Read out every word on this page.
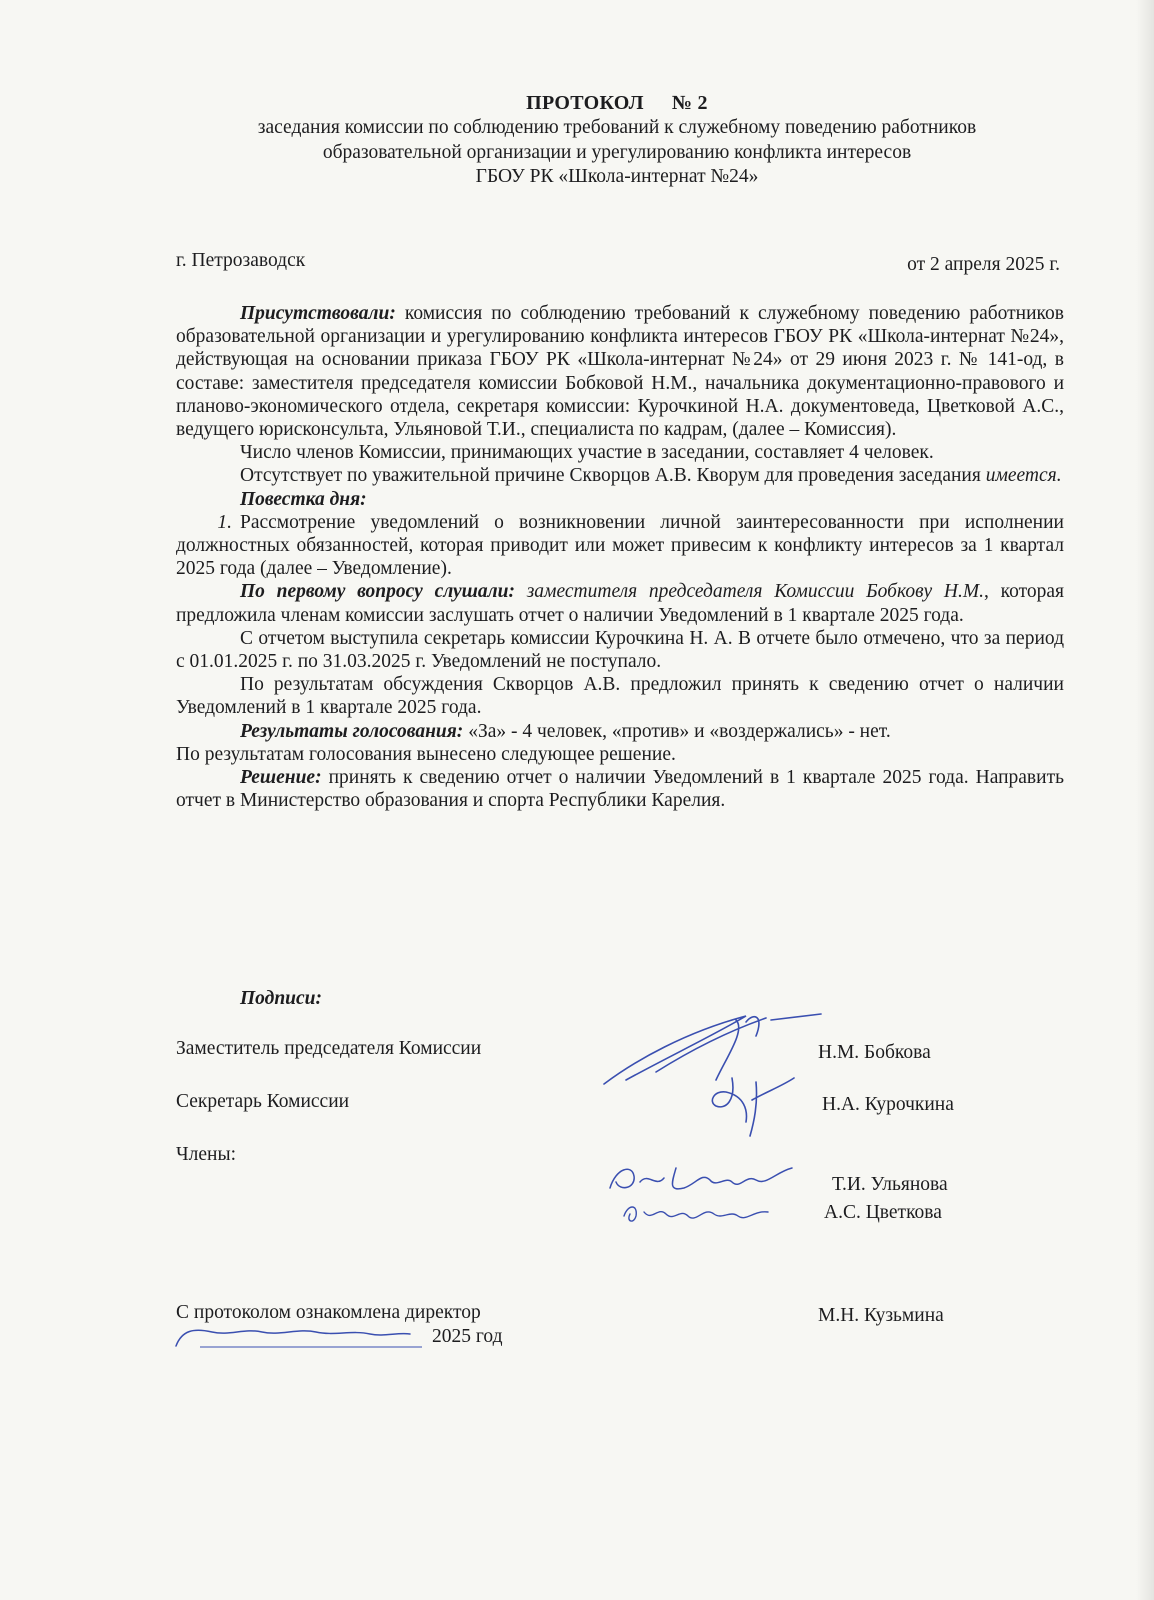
ПРОТОКОЛ № 2
заседания комиссии по соблюдению требований к служебному поведению работников
образовательной организации и урегулированию конфликта интересов
ГБОУ РК «Школа-интернат №24»
г. Петрозаводск	от 2 апреля 2025 г.

Присутствовали: комиссия по соблюдению требований к служебному поведению работников образовательной организации и урегулированию конфликта интересов ГБОУ РК «Школа-интернат №24», действующая на основании приказа ГБОУ РК «Школа-интернат №24» от 29 июня 2023 г. № 141-од, в составе: заместителя председателя комиссии Бобковой Н.М., начальника документационно-правового и планово-экономического отдела, секретаря комиссии: Курочкиной Н.А. документоведа, Цветковой А.С., ведущего юрисконсульта, Ульяновой Т.И., специалиста по кадрам, (далее – Комиссия).

Число членов Комиссии, принимающих участие в заседании, составляет 4 человек.

Отсутствует по уважительной причине Скворцов А.В. Кворум для проведения заседания имеется.

Повестка дня:

1. Рассмотрение уведомлений о возникновении личной заинтересованности при исполнении должностных обязанностей, которая приводит или может привесим к конфликту интересов за 1 квартал 2025 года (далее – Уведомление).

По первому вопросу слушали: заместителя председателя Комиссии Бобкову Н.М., которая предложила членам комиссии заслушать отчет о наличии Уведомлений в 1 квартале 2025 года.

С отчетом выступила секретарь комиссии Курочкина Н. А. В отчете было отмечено, что за период с 01.01.2025 г. по 31.03.2025 г. Уведомлений не поступало.

По результатам обсуждения Скворцов А.В. предложил принять к сведению отчет о наличии Уведомлений в 1 квартале 2025 года.

Результаты голосования: «За» - 4 человек, «против» и «воздержались» - нет.

По результатам голосования вынесено следующее решение.

Решение: принять к сведению отчет о наличии Уведомлений в 1 квартале 2025 года. Направить отчет в Министерство образования и спорта Республики Карелия.

Подписи:
Заместитель председателя Комиссии	Н.М. Бобкова
Секретарь Комиссии	Н.А. Курочкина
Члены:
Т.И. Ульянова
А.С. Цветкова
С протоколом ознакомлена директор
2025 год
М.Н. Кузьмина
